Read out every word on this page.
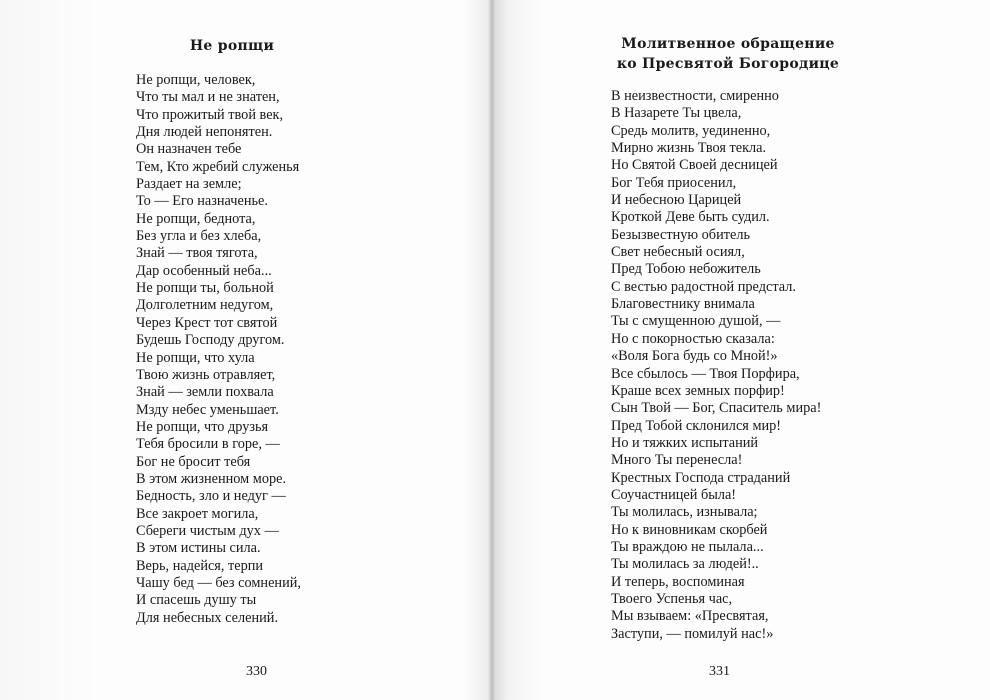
Не ропщи
Не ропщи, человек,
Что ты мал и не знатен,
Что прожитый твой век,
Дня людей непонятен.
Он назначен тебе
Тем, Кто жребий служенья
Раздает на земле;
То — Его назначенье.
Не ропщи, беднота,
Без угла и без хлеба,
Знай — твоя тягота,
Дар особенный неба...
Не ропщи ты, больной
Долголетним недугом,
Через Крест тот святой
Будешь Господу другом.
Не ропщи, что хула
Твою жизнь отравляет,
Знай — земли похвала
Мзду небес уменьшает.
Не ропщи, что друзья
Тебя бросили в горе, —
Бог не бросит тебя
В этом жизненном море.
Бедность, зло и недуг —
Все закроет могила,
Сбереги чистым дух —
В этом истины сила.
Верь, надейся, терпи
Чашу бед — без сомнений,
И спасешь душу ты
Для небесных селений.
330
Молитвенное обращение
ко Пресвятой Богородице
В неизвестности, смиренно
В Назарете Ты цвела,
Средь молитв, уединенно,
Мирно жизнь Твоя текла.
Но Святой Своей десницей
Бог Тебя приосенил,
И небесною Царицей
Кроткой Деве быть судил.
Безызвестную обитель
Свет небесный осиял,
Пред Тобою небожитель
С вестью радостной предстал.
Благовестнику внимала
Ты с смущенною душой, —
Но с покорностью сказала:
«Воля Бога будь со Мной!»
Все сбылось — Твоя Порфира,
Краше всех земных порфир!
Сын Твой — Бог, Спаситель мира!
Пред Тобой склонился мир!
Но и тяжких испытаний
Много Ты перенесла!
Крестных Господа страданий
Соучастницей была!
Ты молилась, изнывала;
Но к виновникам скорбей
Ты враждою не пылала...
Ты молилась за людей!..
И теперь, воспоминая
Твоего Успенья час,
Мы взываем: «Пресвятая,
Заступи, — помилуй нас!»
331
